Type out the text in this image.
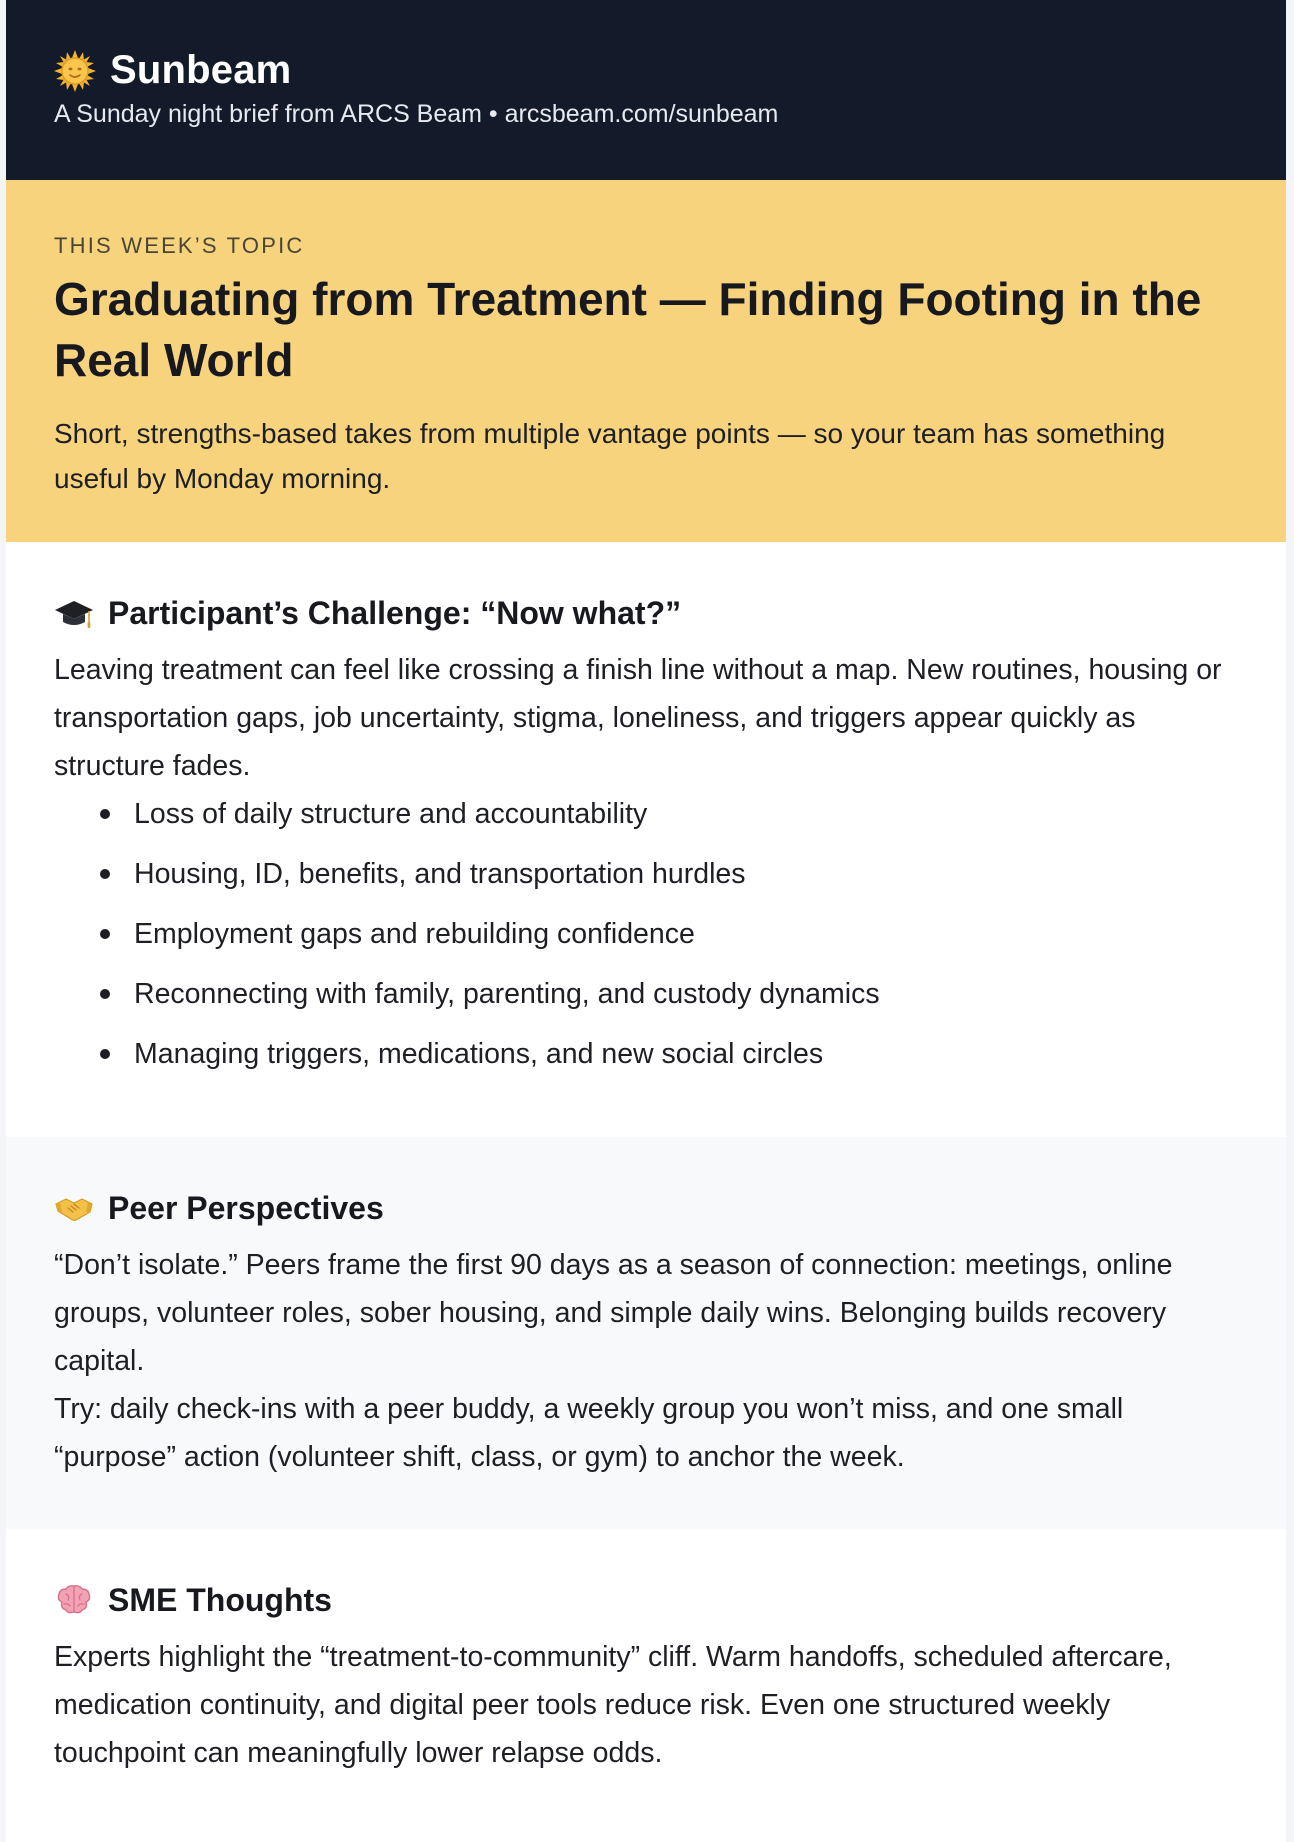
Sunbeam
A Sunday night brief from ARCS Beam • arcsbeam.com/sunbeam
THIS WEEK’S TOPIC
Graduating from Treatment — Finding Footing in the Real World
Short, strengths-based takes from multiple vantage points — so your team has something useful by Monday morning.
Participant’s Challenge: “Now what?”

Leaving treatment can feel like crossing a finish line without a map. New routines, housing or transportation gaps, job uncertainty, stigma, loneliness, and triggers appear quickly as structure fades.

Loss of daily structure and accountability
Housing, ID, benefits, and transportation hurdles
Employment gaps and rebuilding confidence
Reconnecting with family, parenting, and custody dynamics
Managing triggers, medications, and new social circles
Peer Perspectives

“Don’t isolate.” Peers frame the first 90 days as a season of connection: meetings, online groups, volunteer roles, sober housing, and simple daily wins. Belonging builds recovery capital.

Try: daily check-ins with a peer buddy, a weekly group you won’t miss, and one small “purpose” action (volunteer shift, class, or gym) to anchor the week.

SME Thoughts

Experts highlight the “treatment-to-community” cliff. Warm handoffs, scheduled aftercare, medication continuity, and digital peer tools reduce risk. Even one structured weekly touchpoint can meaningfully lower relapse odds.
